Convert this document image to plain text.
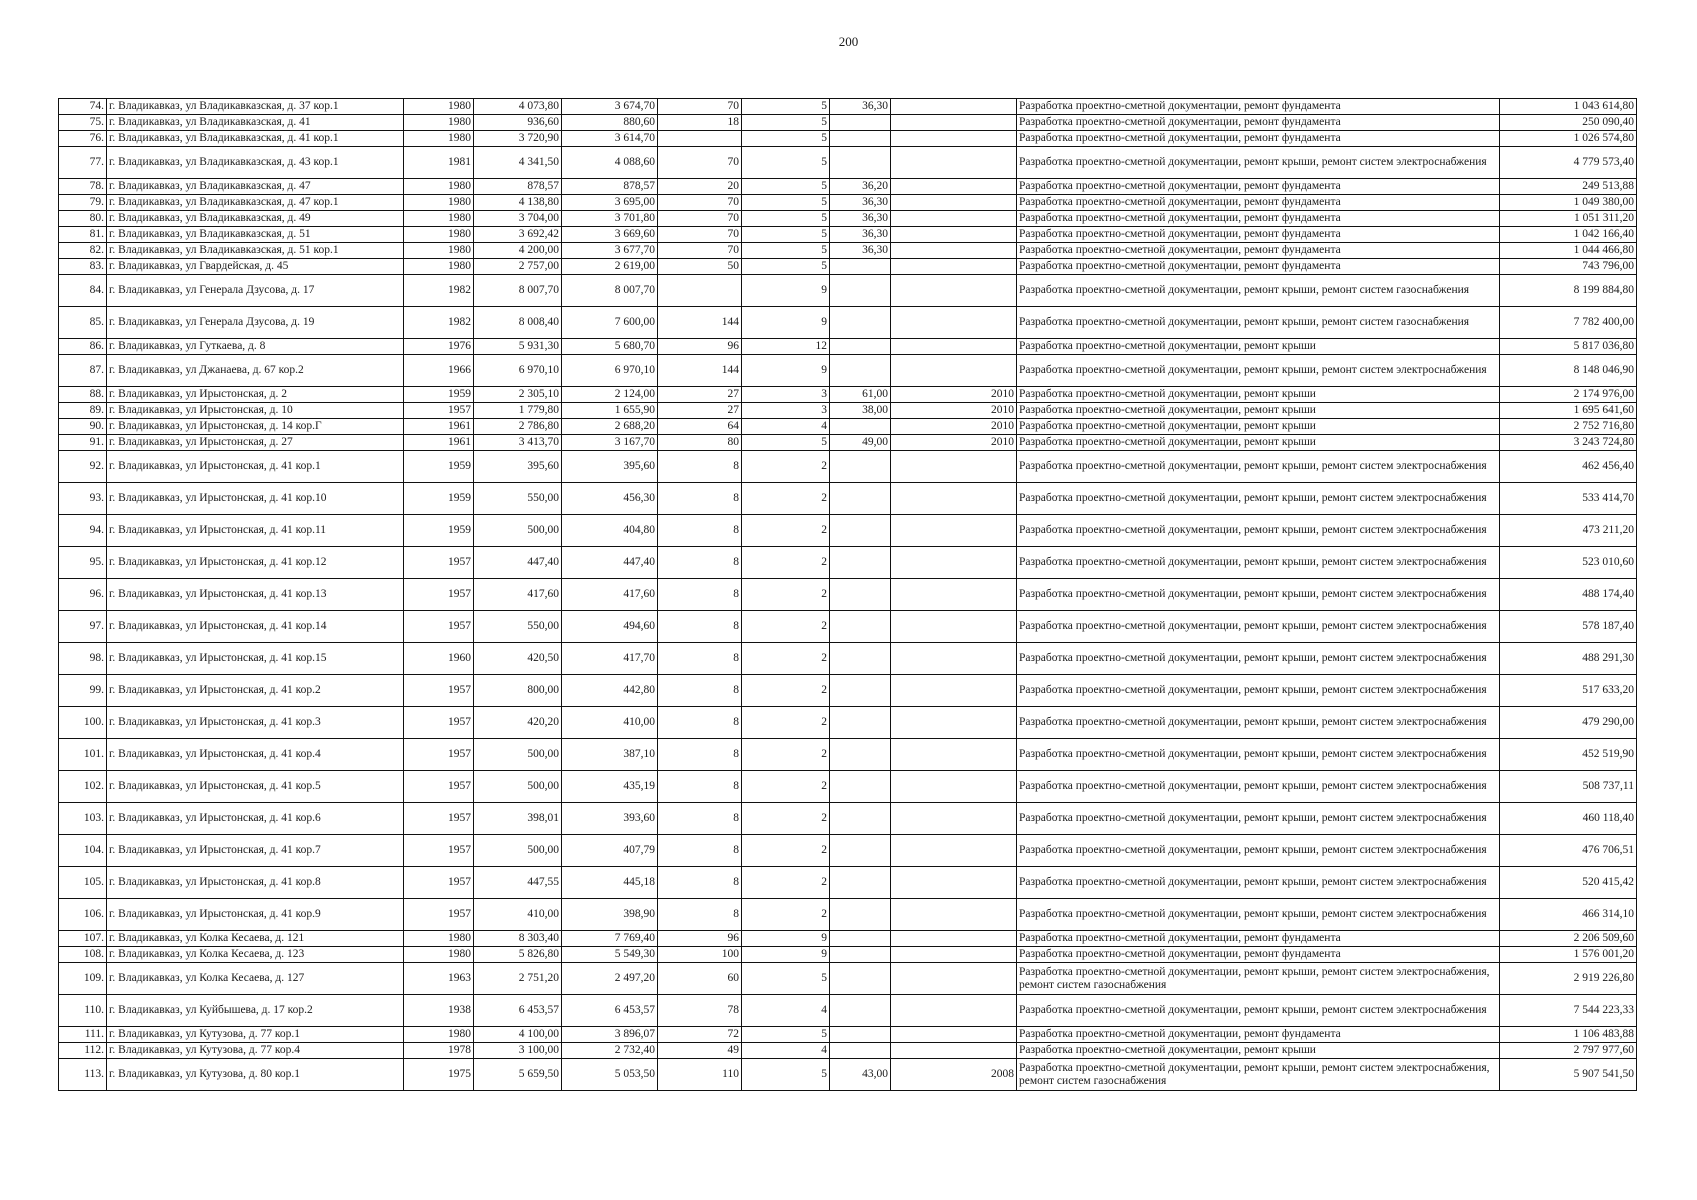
200
74.	г. Владикавказ, ул Владикавказская, д. 37 кор.1	1980	4 073,80	3 674,70	70	5	36,30		Разработка проектно-сметной документации, ремонт фундамента	1 043 614,80
75.	г. Владикавказ, ул Владикавказская, д. 41	1980	936,60	880,60	18	5			Разработка проектно-сметной документации, ремонт фундамента	250 090,40
76.	г. Владикавказ, ул Владикавказская, д. 41 кор.1	1980	3 720,90	3 614,70		5			Разработка проектно-сметной документации, ремонт фундамента	1 026 574,80
77.	г. Владикавказ, ул Владикавказская, д. 43 кор.1	1981	4 341,50	4 088,60	70	5			Разработка проектно-сметной документации, ремонт крыши, ремонт систем электроснабжения	4 779 573,40
78.	г. Владикавказ, ул Владикавказская, д. 47	1980	878,57	878,57	20	5	36,20		Разработка проектно-сметной документации, ремонт фундамента	249 513,88
79.	г. Владикавказ, ул Владикавказская, д. 47 кор.1	1980	4 138,80	3 695,00	70	5	36,30		Разработка проектно-сметной документации, ремонт фундамента	1 049 380,00
80.	г. Владикавказ, ул Владикавказская, д. 49	1980	3 704,00	3 701,80	70	5	36,30		Разработка проектно-сметной документации, ремонт фундамента	1 051 311,20
81.	г. Владикавказ, ул Владикавказская, д. 51	1980	3 692,42	3 669,60	70	5	36,30		Разработка проектно-сметной документации, ремонт фундамента	1 042 166,40
82.	г. Владикавказ, ул Владикавказская, д. 51 кор.1	1980	4 200,00	3 677,70	70	5	36,30		Разработка проектно-сметной документации, ремонт фундамента	1 044 466,80
83.	г. Владикавказ, ул Гвардейская, д. 45	1980	2 757,00	2 619,00	50	5			Разработка проектно-сметной документации, ремонт фундамента	743 796,00
84.	г. Владикавказ, ул Генерала Дзусова, д. 17	1982	8 007,70	8 007,70		9			Разработка проектно-сметной документации, ремонт крыши, ремонт систем газоснабжения	8 199 884,80
85.	г. Владикавказ, ул Генерала Дзусова, д. 19	1982	8 008,40	7 600,00	144	9			Разработка проектно-сметной документации, ремонт крыши, ремонт систем газоснабжения	7 782 400,00
86.	г. Владикавказ, ул Гуткаева, д. 8	1976	5 931,30	5 680,70	96	12			Разработка проектно-сметной документации, ремонт крыши	5 817 036,80
87.	г. Владикавказ, ул Джанаева, д. 67 кор.2	1966	6 970,10	6 970,10	144	9			Разработка проектно-сметной документации, ремонт крыши, ремонт систем электроснабжения	8 148 046,90
88.	г. Владикавказ, ул Ирыстонская, д. 2	1959	2 305,10	2 124,00	27	3	61,00	2010	Разработка проектно-сметной документации, ремонт крыши	2 174 976,00
89.	г. Владикавказ, ул Ирыстонская, д. 10	1957	1 779,80	1 655,90	27	3	38,00	2010	Разработка проектно-сметной документации, ремонт крыши	1 695 641,60
90.	г. Владикавказ, ул Ирыстонская, д. 14 кор.Г	1961	2 786,80	2 688,20	64	4		2010	Разработка проектно-сметной документации, ремонт крыши	2 752 716,80
91.	г. Владикавказ, ул Ирыстонская, д. 27	1961	3 413,70	3 167,70	80	5	49,00	2010	Разработка проектно-сметной документации, ремонт крыши	3 243 724,80
92.	г. Владикавказ, ул Ирыстонская, д. 41 кор.1	1959	395,60	395,60	8	2			Разработка проектно-сметной документации, ремонт крыши, ремонт систем электроснабжения	462 456,40
93.	г. Владикавказ, ул Ирыстонская, д. 41 кор.10	1959	550,00	456,30	8	2			Разработка проектно-сметной документации, ремонт крыши, ремонт систем электроснабжения	533 414,70
94.	г. Владикавказ, ул Ирыстонская, д. 41 кор.11	1959	500,00	404,80	8	2			Разработка проектно-сметной документации, ремонт крыши, ремонт систем электроснабжения	473 211,20
95.	г. Владикавказ, ул Ирыстонская, д. 41 кор.12	1957	447,40	447,40	8	2			Разработка проектно-сметной документации, ремонт крыши, ремонт систем электроснабжения	523 010,60
96.	г. Владикавказ, ул Ирыстонская, д. 41 кор.13	1957	417,60	417,60	8	2			Разработка проектно-сметной документации, ремонт крыши, ремонт систем электроснабжения	488 174,40
97.	г. Владикавказ, ул Ирыстонская, д. 41 кор.14	1957	550,00	494,60	8	2			Разработка проектно-сметной документации, ремонт крыши, ремонт систем электроснабжения	578 187,40
98.	г. Владикавказ, ул Ирыстонская, д. 41 кор.15	1960	420,50	417,70	8	2			Разработка проектно-сметной документации, ремонт крыши, ремонт систем электроснабжения	488 291,30
99.	г. Владикавказ, ул Ирыстонская, д. 41 кор.2	1957	800,00	442,80	8	2			Разработка проектно-сметной документации, ремонт крыши, ремонт систем электроснабжения	517 633,20
100.	г. Владикавказ, ул Ирыстонская, д. 41 кор.3	1957	420,20	410,00	8	2			Разработка проектно-сметной документации, ремонт крыши, ремонт систем электроснабжения	479 290,00
101.	г. Владикавказ, ул Ирыстонская, д. 41 кор.4	1957	500,00	387,10	8	2			Разработка проектно-сметной документации, ремонт крыши, ремонт систем электроснабжения	452 519,90
102.	г. Владикавказ, ул Ирыстонская, д. 41 кор.5	1957	500,00	435,19	8	2			Разработка проектно-сметной документации, ремонт крыши, ремонт систем электроснабжения	508 737,11
103.	г. Владикавказ, ул Ирыстонская, д. 41 кор.6	1957	398,01	393,60	8	2			Разработка проектно-сметной документации, ремонт крыши, ремонт систем электроснабжения	460 118,40
104.	г. Владикавказ, ул Ирыстонская, д. 41 кор.7	1957	500,00	407,79	8	2			Разработка проектно-сметной документации, ремонт крыши, ремонт систем электроснабжения	476 706,51
105.	г. Владикавказ, ул Ирыстонская, д. 41 кор.8	1957	447,55	445,18	8	2			Разработка проектно-сметной документации, ремонт крыши, ремонт систем электроснабжения	520 415,42
106.	г. Владикавказ, ул Ирыстонская, д. 41 кор.9	1957	410,00	398,90	8	2			Разработка проектно-сметной документации, ремонт крыши, ремонт систем электроснабжения	466 314,10
107.	г. Владикавказ, ул Колка Кесаева, д. 121	1980	8 303,40	7 769,40	96	9			Разработка проектно-сметной документации, ремонт фундамента	2 206 509,60
108.	г. Владикавказ, ул Колка Кесаева, д. 123	1980	5 826,80	5 549,30	100	9			Разработка проектно-сметной документации, ремонт фундамента	1 576 001,20
109.	г. Владикавказ, ул Колка Кесаева, д. 127	1963	2 751,20	2 497,20	60	5			Разработка проектно-сметной документации, ремонт крыши, ремонт систем электроснабжения, ремонт систем газоснабжения	2 919 226,80
110.	г. Владикавказ, ул Куйбышева, д. 17 кор.2	1938	6 453,57	6 453,57	78	4			Разработка проектно-сметной документации, ремонт крыши, ремонт систем электроснабжения	7 544 223,33
111.	г. Владикавказ, ул Кутузова, д. 77 кор.1	1980	4 100,00	3 896,07	72	5			Разработка проектно-сметной документации, ремонт фундамента	1 106 483,88
112.	г. Владикавказ, ул Кутузова, д. 77 кор.4	1978	3 100,00	2 732,40	49	4			Разработка проектно-сметной документации, ремонт крыши	2 797 977,60
113.	г. Владикавказ, ул Кутузова, д. 80 кор.1	1975	5 659,50	5 053,50	110	5	43,00	2008	Разработка проектно-сметной документации, ремонт крыши, ремонт систем электроснабжения, ремонт систем газоснабжения	5 907 541,50
